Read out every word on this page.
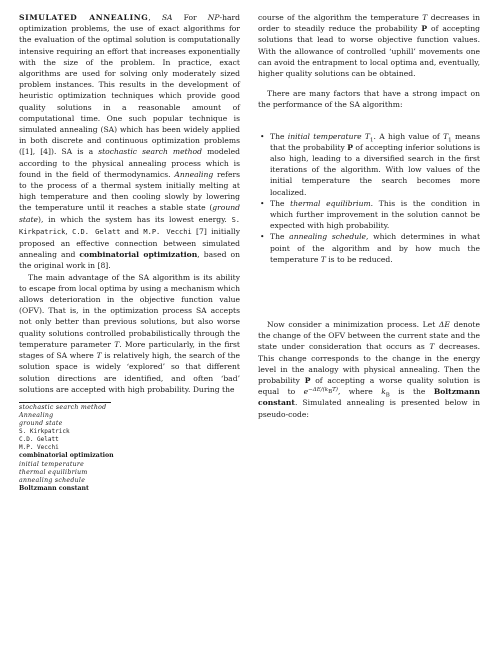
SIMULATED ANNEALING, SA For NP-hard optimization problems, the use of exact algorithms for the evaluation of the optimal solution is computationally intensive requiring an effort that increases exponentially with the size of the problem. In practice, exact algorithms are used for solving only moderately sized problem instances. This results in the development of heuristic optimization techniques which provide good quality solutions in a reasonable amount of computational time. One such popular technique is simulated annealing (SA) which has been widely applied in both discrete and continuous optimization problems ([1], [4]). SA is a stochastic search method modeled according to the physical annealing process which is found in the field of thermodynamics. Annealing refers to the process of a thermal system initially melting at high temperature and then cooling slowly by lowering the temperature until it reaches a stable state (ground state), in which the system has its lowest energy. S. Kirkpatrick, C.D. Gelatt and M.P. Vecchi [7] initially proposed an effective connection between simulated annealing and combinatorial optimization, based on the original work in [8].

The main advantage of the SA algorithm is its ability to escape from local optima by using a mechanism which allows deterioration in the objective function value (OFV). That is, in the optimization process SA accepts not only better than previous solutions, but also worse quality solutions controlled probabilistically through the temperature parameter T. More particularly, in the first stages of SA where T is relatively high, the search of the solution space is widely ‘explored’ so that different solution directions are identified, and often ‘bad’ solutions are accepted with high probability. During the

stochastic search method
Annealing
ground state
S. Kirkpatrick
C.D. Gelatt
M.P. Vecchi
combinatorial optimization
initial temperature
thermal equilibrium
annealing schedule
Boltzmann constant

course of the algorithm the temperature T decreases in order to steadily reduce the probability P of accepting solutions that lead to worse objective function values. With the allowance of controlled ‘uphill’ movements one can avoid the entrapment to local optima and, eventually, higher quality solutions can be obtained.

There are many factors that have a strong impact on the performance of the SA algorithm:

• The initial temperature $T_1$. A high value of $T_1$ means that the probability P of accepting inferior solutions is also high, leading to a diversified search in the first iterations of the algorithm. With low values of the initial temperature the search becomes more localized.
• The thermal equilibrium. This is the condition in which further improvement in the solution cannot be expected with high probability.
• The annealing schedule, which determines in what point of the algorithm and by how much the temperature T is to be reduced.

Now consider a minimization process. Let ΔE denote the change of the OFV between the current state and the state under consideration that occurs as T decreases. This change corresponds to the change in the energy level in the analogy with physical annealing. Then the probability P of accepting a worse quality solution is equal to $e^{-\Delta E/(k_BT)}$, where $k_B$ is the Boltzmann constant. Simulated annealing is presented below in pseudo-code:
